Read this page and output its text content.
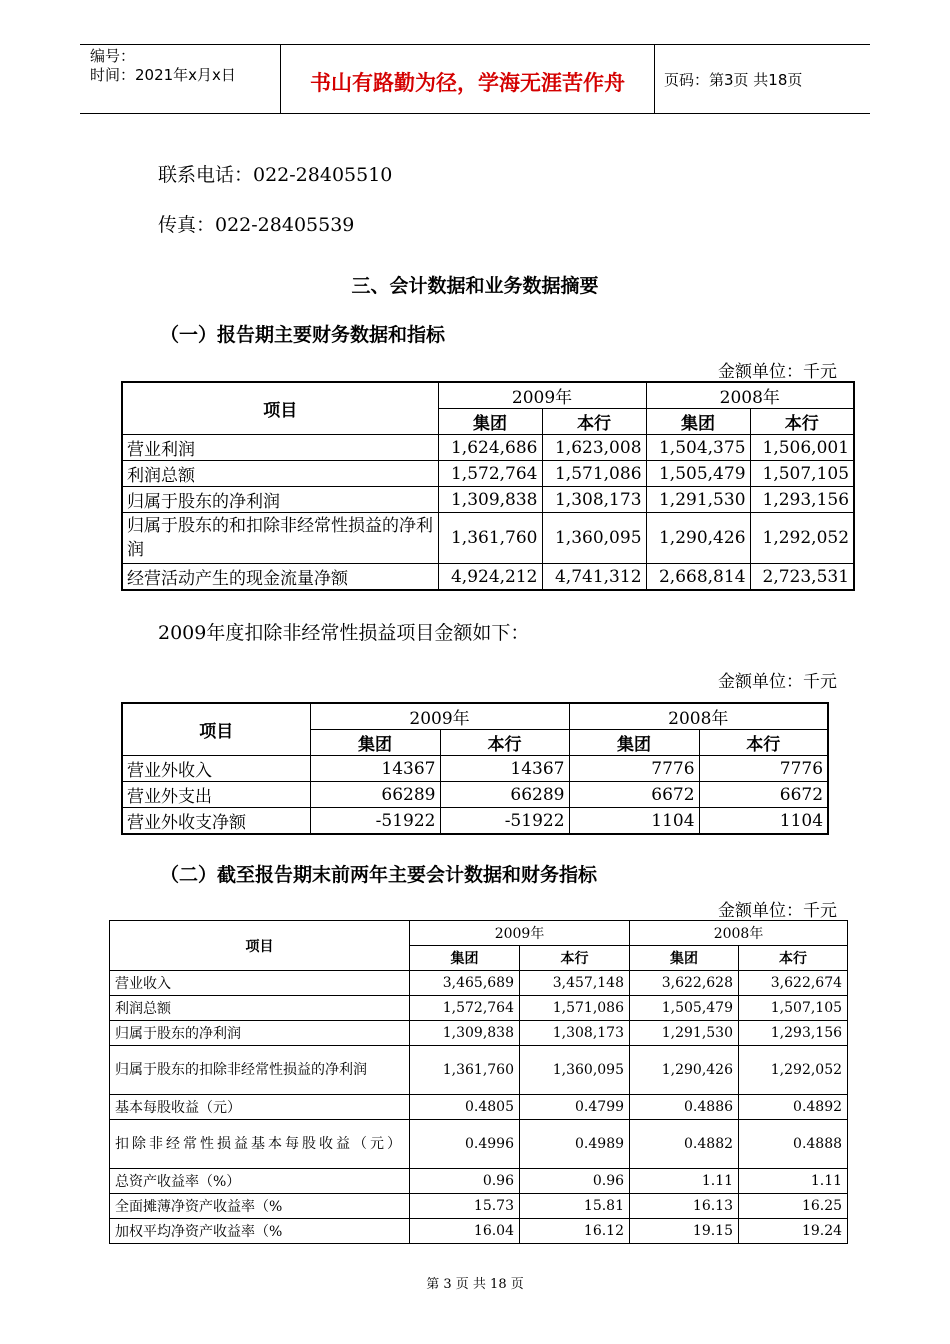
编号：
时间：2021年x月x日	书山有路勤为径，学海无涯苦作舟	页码：第3页 共18页
联系电话：022-28405510
传真：022-28405539
三、会计数据和业务数据摘要
（一）报告期主要财务数据和指标
金额单位：千元
项目	2009年		2008年	
	集团	本行	集团	本行
营业利润	1,624,686	1,623,008	1,504,375	1,506,001
利润总额	1,572,764	1,571,086	1,505,479	1,507,105
归属于股东的净利润	1,309,838	1,308,173	1,291,530	1,293,156
归属于股东的和扣除非经常性损益的净利润	1,361,760	1,360,095	1,290,426	1,292,052
经营活动产生的现金流量净额	4,924,212	4,741,312	2,668,814	2,723,531
2009年度扣除非经常性损益项目金额如下：
金额单位：千元
项目	2009年		2008年	
	集团	本行	集团	本行
营业外收入	14367	14367	7776	7776
营业外支出	66289	66289	6672	6672
营业外收支净额	-51922	-51922	1104	1104
（二）截至报告期末前两年主要会计数据和财务指标
金额单位：千元
项目	2009年		2008年	
	集团	本行	集团	本行
营业收入	3,465,689	3,457,148	3,622,628	3,622,674
利润总额	1,572,764	1,571,086	1,505,479	1,507,105
归属于股东的净利润	1,309,838	1,308,173	1,291,530	1,293,156
归属于股东的扣除非经常性损益的净利润	1,361,760	1,360,095	1,290,426	1,292,052
基本每股收益（元）	0.4805	0.4799	0.4886	0.4892
扣除非经常性损益基本每股收益（元）	0.4996	0.4989	0.4882	0.4888
总资产收益率（%）	0.96	0.96	1.11	1.11
全面摊薄净资产收益率（%	15.73	15.81	16.13	16.25
加权平均净资产收益率（%	16.04	16.12	19.15	19.24
第 3 页 共 18 页
